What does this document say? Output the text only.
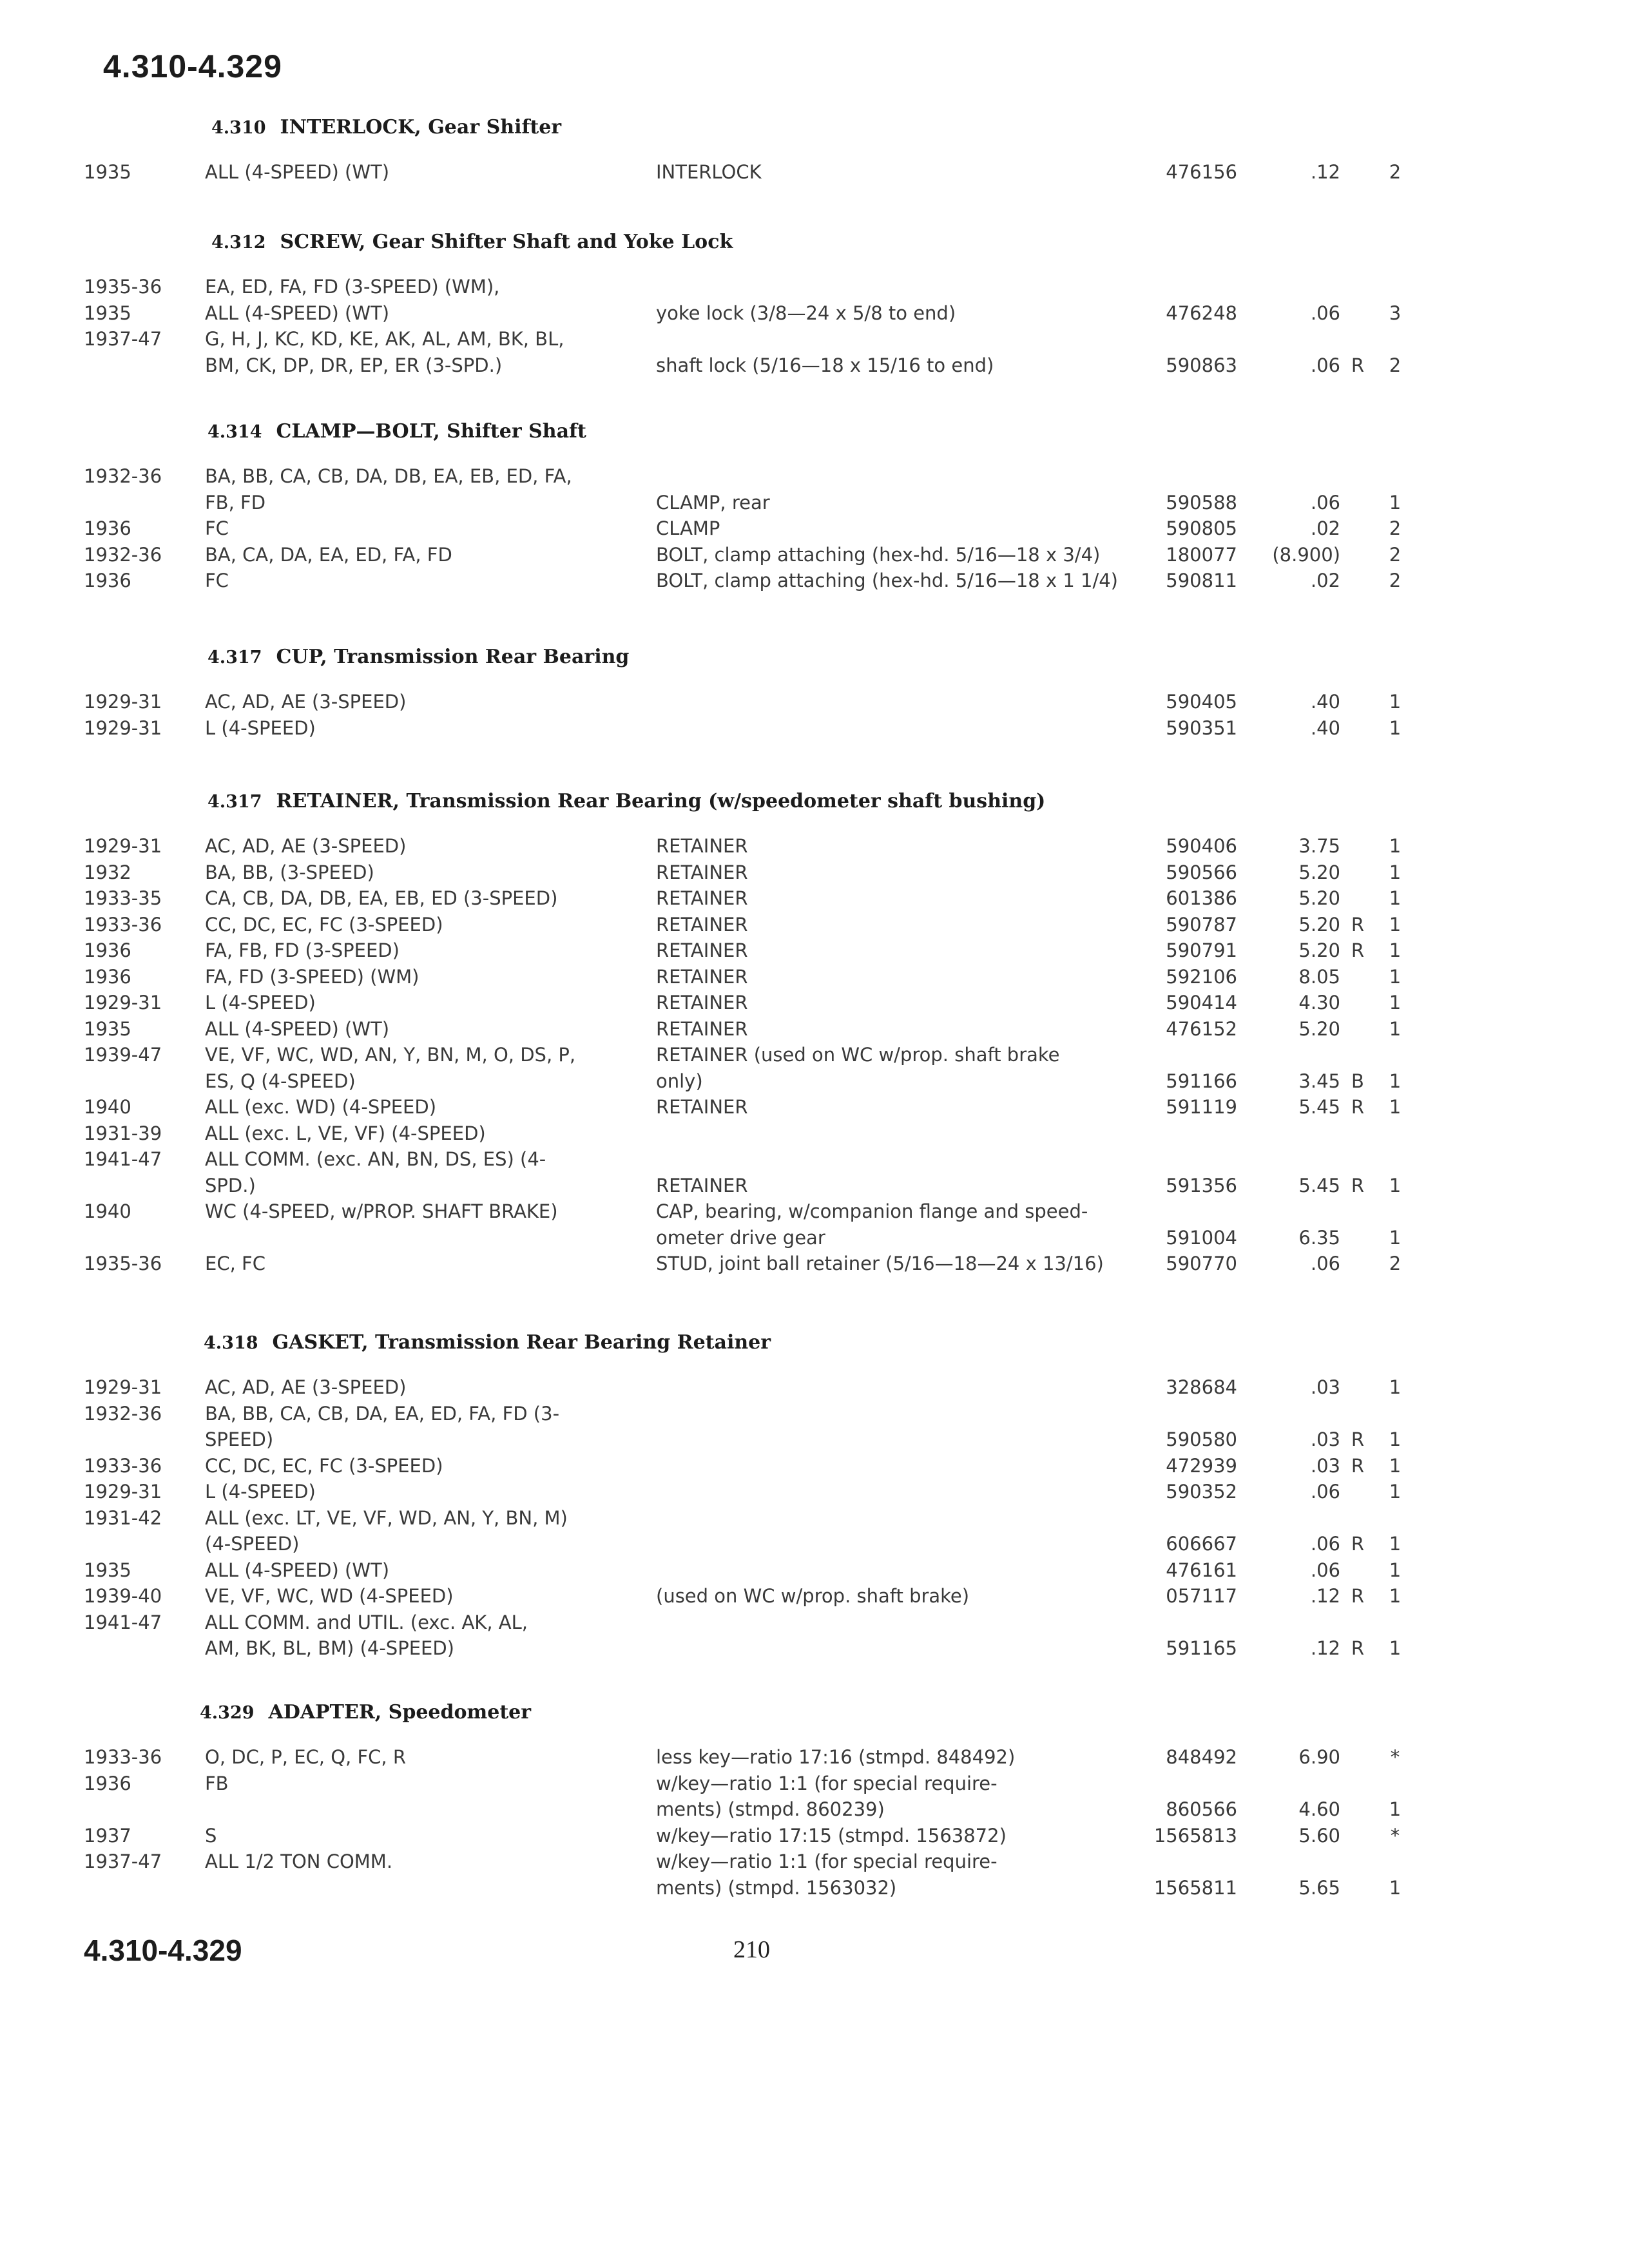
4.310-4.329
4.310 INTERLOCK, Gear Shifter
1935	ALL (4-SPEED) (WT)	INTERLOCK	476156	.12	2
4.312 SCREW, Gear Shifter Shaft and Yoke Lock
1935-36	EA, ED, FA, FD (3-SPEED) (WM),
1935	ALL (4-SPEED) (WT)	yoke lock (3/8—24 x 5/8 to end)	476248	.06	3
1937-47	G, H, J, KC, KD, KE, AK, AL, AM, BK, BL,
BM, CK, DP, DR, EP, ER (3-SPD.)	shaft lock (5/16—18 x 15/16 to end)	590863	.06 R 2
4.314 CLAMP—BOLT, Shifter Shaft
1932-36	BA, BB, CA, CB, DA, DB, EA, EB, ED, FA,
FB, FD	CLAMP, rear	590588	.06	1
1936	FC	CLAMP	590805	.02	2
1932-36	BA, CA, DA, EA, ED, FA, FD	BOLT, clamp attaching (hex-hd. 5/16—18 x 3/4)	180077	(8.900)	2
1936	FC	BOLT, clamp attaching (hex-hd. 5/16—18 x 1 1/4)	590811	.02	2
4.317 CUP, Transmission Rear Bearing
1929-31	AC, AD, AE (3-SPEED)	590405	.40	1
1929-31	L (4-SPEED)	590351	.40	1
4.317 RETAINER, Transmission Rear Bearing (w/speedometer shaft bushing)
1929-31	AC, AD, AE (3-SPEED)	RETAINER	590406	3.75	1
1932	BA, BB, (3-SPEED)	RETAINER	590566	5.20	1
1933-35	CA, CB, DA, DB, EA, EB, ED (3-SPEED)	RETAINER	601386	5.20	1
1933-36	CC, DC, EC, FC (3-SPEED)	RETAINER	590787	5.20 R 1
1936	FA, FB, FD (3-SPEED)	RETAINER	590791	5.20 R 1
1936	FA, FD (3-SPEED) (WM)	RETAINER	592106	8.05	1
1929-31	L (4-SPEED)	RETAINER	590414	4.30	1
1935	ALL (4-SPEED) (WT)	RETAINER	476152	5.20	1
1939-47	VE, VF, WC, WD, AN, Y, BN, M, O, DS, P,	RETAINER (used on WC w/prop. shaft brake
ES, Q (4-SPEED)	only)	591166	3.45 B 1
1940	ALL (exc. WD) (4-SPEED)	RETAINER	591119	5.45 R 1
1931-39	ALL (exc. L, VE, VF) (4-SPEED)
1941-47	ALL COMM. (exc. AN, BN, DS, ES) (4-
SPD.)	RETAINER	591356	5.45 R 1
1940	WC (4-SPEED, w/PROP. SHAFT BRAKE)	CAP, bearing, w/companion flange and speed-
ometer drive gear	591004	6.35	1
1935-36	EC, FC	STUD, joint ball retainer (5/16—18—24 x 13/16)	590770	.06	2
4.318 GASKET, Transmission Rear Bearing Retainer
1929-31	AC, AD, AE (3-SPEED)	328684	.03	1
1932-36	BA, BB, CA, CB, DA, EA, ED, FA, FD (3-
SPEED)	590580	.03 R 1
1933-36	CC, DC, EC, FC (3-SPEED)	472939	.03 R 1
1929-31	L (4-SPEED)	590352	.06	1
1931-42	ALL (exc. LT, VE, VF, WD, AN, Y, BN, M)
(4-SPEED)	606667	.06 R 1
1935	ALL (4-SPEED) (WT)	476161	.06	1
1939-40	VE, VF, WC, WD (4-SPEED)	(used on WC w/prop. shaft brake)	057117	.12 R 1
1941-47	ALL COMM. and UTIL. (exc. AK, AL,
AM, BK, BL, BM) (4-SPEED)	591165	.12 R 1
4.329 ADAPTER, Speedometer
1933-36	O, DC, P, EC, Q, FC, R	less key—ratio 17:16 (stmpd. 848492)	848492	6.90	*
1936	FB	w/key—ratio 1:1 (for special require-
ments) (stmpd. 860239)	860566	4.60	1
1937	S	w/key—ratio 17:15 (stmpd. 1563872)	1565813	5.60	*
1937-47	ALL 1/2 TON COMM.	w/key—ratio 1:1 (for special require-
ments) (stmpd. 1563032)	1565811	5.65	1
4.310-4.329	210
